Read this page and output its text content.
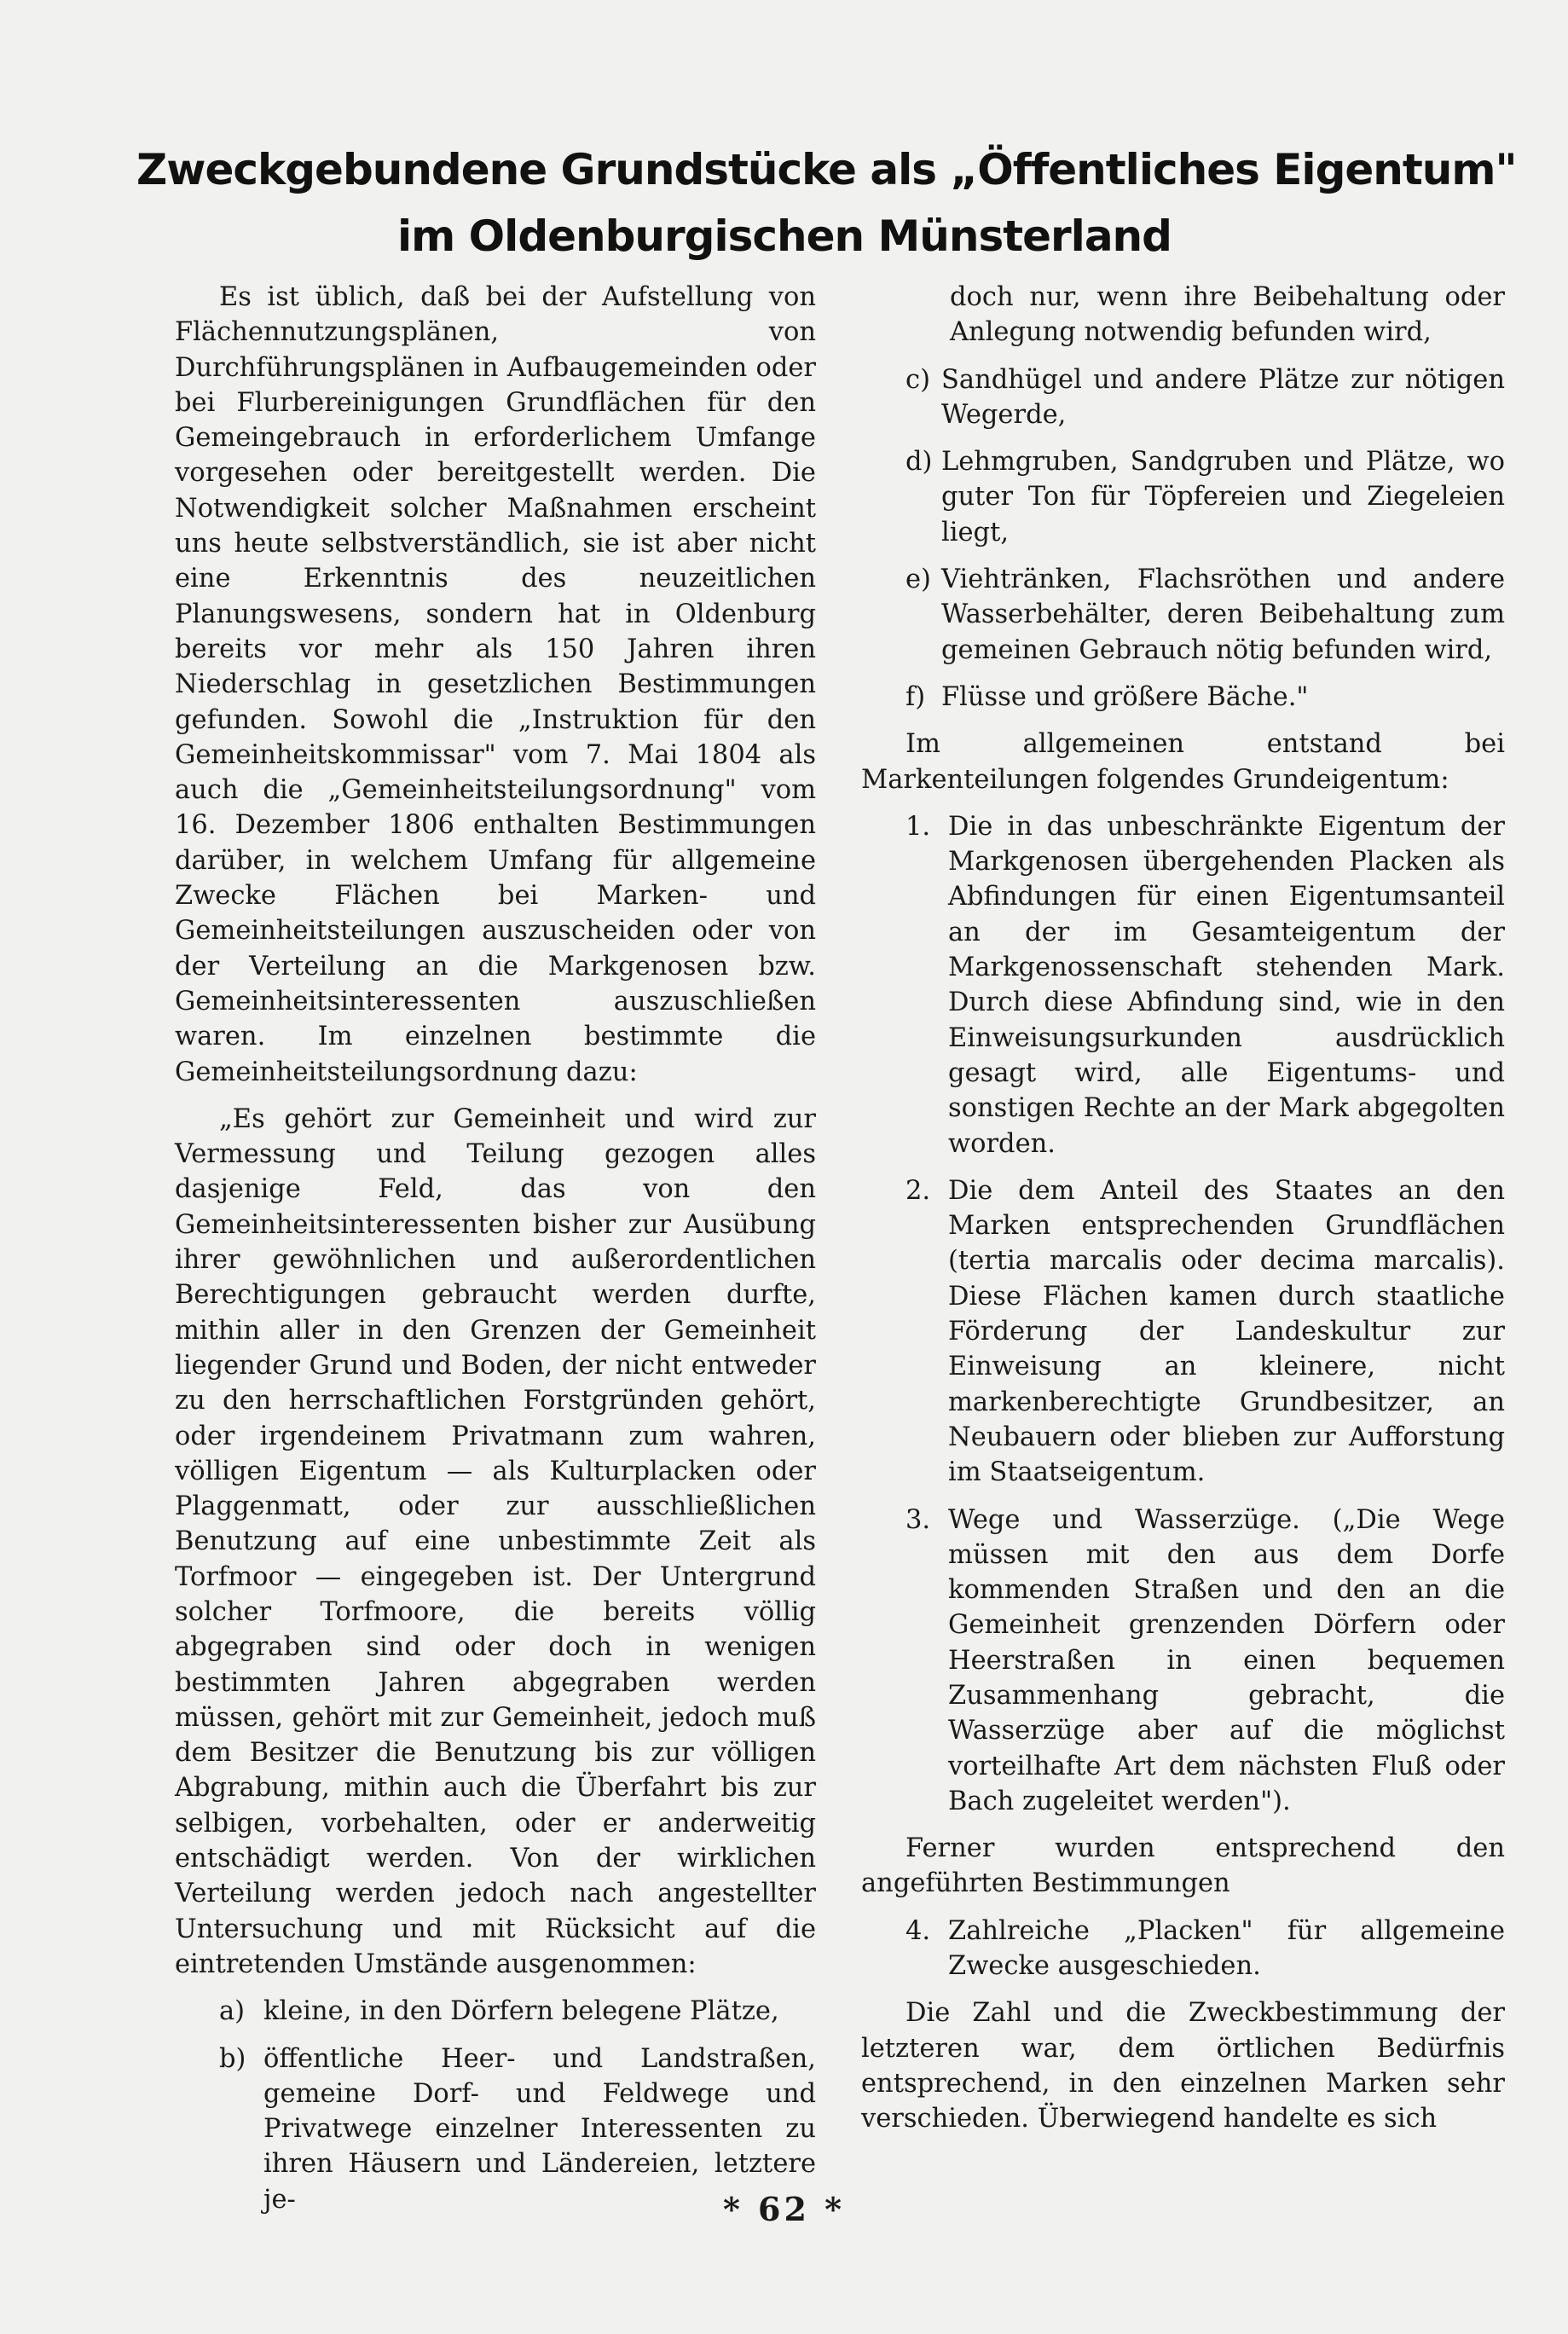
Zweckgebundene Grundstücke als „Öffentliches Eigentum"
im Oldenburgischen Münsterland

Es ist üblich, daß bei der Aufstellung von Flächennutzungsplänen, von Durchführungsplänen in Aufbaugemeinden oder bei Flurbereinigungen Grundflächen für den Gemeingebrauch in erforderlichem Umfange vorgesehen oder bereitgestellt werden. Die Notwendigkeit solcher Maßnahmen erscheint uns heute selbstverständlich, sie ist aber nicht eine Erkenntnis des neuzeitlichen Planungswesens, sondern hat in Oldenburg bereits vor mehr als 150 Jahren ihren Niederschlag in gesetzlichen Bestimmungen gefunden. Sowohl die „Instruktion für den Gemeinheitskommissar" vom 7. Mai 1804 als auch die „Gemeinheitsteilungsordnung" vom 16. Dezember 1806 enthalten Bestimmungen darüber, in welchem Umfang für allgemeine Zwecke Flächen bei Marken- und Gemeinheitsteilungen auszuscheiden oder von der Verteilung an die Markgenosen bzw. Gemeinheitsinteressenten auszuschließen waren. Im einzelnen bestimmte die Gemeinheitsteilungsordnung dazu:

„Es gehört zur Gemeinheit und wird zur Vermessung und Teilung gezogen alles dasjenige Feld, das von den Gemeinheitsinteressenten bisher zur Ausübung ihrer gewöhnlichen und außerordentlichen Berechtigungen gebraucht werden durfte, mithin aller in den Grenzen der Gemeinheit liegender Grund und Boden, der nicht entweder zu den herrschaftlichen Forstgründen gehört, oder irgendeinem Privatmann zum wahren, völligen Eigentum — als Kulturplacken oder Plaggenmatt, oder zur ausschließlichen Benutzung auf eine unbestimmte Zeit als Torfmoor — eingegeben ist. Der Untergrund solcher Torfmoore, die bereits völlig abgegraben sind oder doch in wenigen bestimmten Jahren abgegraben werden müssen, gehört mit zur Gemeinheit, jedoch muß dem Besitzer die Benutzung bis zur völligen Abgrabung, mithin auch die Überfahrt bis zur selbigen, vorbehalten, oder er anderweitig entschädigt werden. Von der wirklichen Verteilung werden jedoch nach angestellter Untersuchung und mit Rücksicht auf die eintretenden Umstände ausgenommen:

a) kleine, in den Dörfern belegene Plätze,
b) öffentliche Heer- und Landstraßen, gemeine Dorf- und Feldwege und Privatwege einzelner Interessenten zu ihren Häusern und Ländereien, letztere je-

doch nur, wenn ihre Beibehaltung oder Anlegung notwendig befunden wird,

c) Sandhügel und andere Plätze zur nötigen Wegerde,
d) Lehmgruben, Sandgruben und Plätze, wo guter Ton für Töpfereien und Ziegeleien liegt,
e) Viehtränken, Flachsröthen und andere Wasserbehälter, deren Beibehaltung zum gemeinen Gebrauch nötig befunden wird,
f) Flüsse und größere Bäche."

Im allgemeinen entstand bei Markenteilungen folgendes Grundeigentum:

1. Die in das unbeschränkte Eigentum der Markgenosen übergehenden Placken als Abfindungen für einen Eigentumsanteil an der im Gesamteigentum der Markgenossenschaft stehenden Mark. Durch diese Abfindung sind, wie in den Einweisungsurkunden ausdrücklich gesagt wird, alle Eigentums- und sonstigen Rechte an der Mark abgegolten worden.
2. Die dem Anteil des Staates an den Marken entsprechenden Grundflächen (tertia marcalis oder decima marcalis). Diese Flächen kamen durch staatliche Förderung der Landeskultur zur Einweisung an kleinere, nicht markenberechtigte Grundbesitzer, an Neubauern oder blieben zur Aufforstung im Staatseigentum.
3. Wege und Wasserzüge. („Die Wege müssen mit den aus dem Dorfe kommenden Straßen und den an die Gemeinheit grenzenden Dörfern oder Heerstraßen in einen bequemen Zusammenhang gebracht, die Wasserzüge aber auf die möglichst vorteilhafte Art dem nächsten Fluß oder Bach zugeleitet werden").

Ferner wurden entsprechend den angeführten Bestimmungen

4. Zahlreiche „Placken" für allgemeine Zwecke ausgeschieden.

Die Zahl und die Zweckbestimmung der letzteren war, dem örtlichen Bedürfnis entsprechend, in den einzelnen Marken sehr verschieden. Überwiegend handelte es sich

* 62 *
